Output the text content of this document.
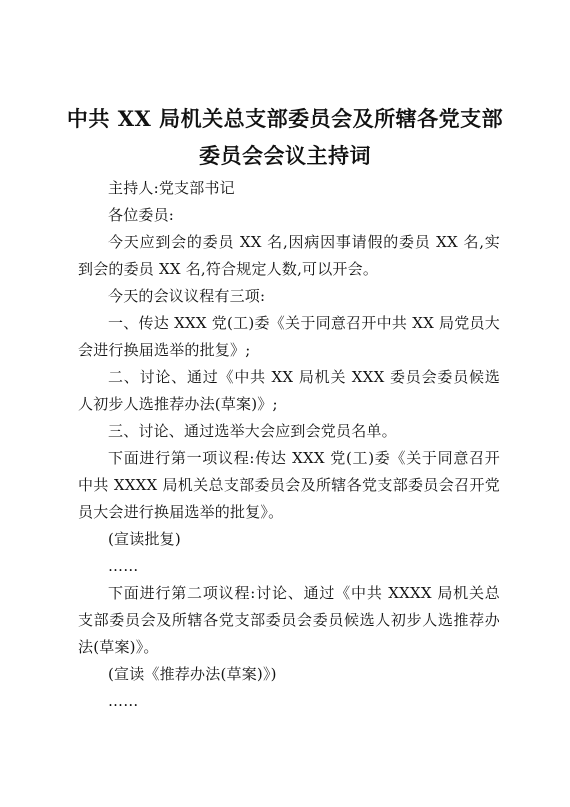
中共 XX 局机关总支部委员会及所辖各党支部
委员会会议主持词

主持人:党支部书记

各位委员:

今天应到会的委员 XX 名,因病因事请假的委员 XX 名,实到会的委员 XX 名,符合规定人数,可以开会。

今天的会议议程有三项:

一、传达 XXX 党(工)委《关于同意召开中共 XX 局党员大会进行换届选举的批复》;

二、讨论、通过《中共 XX 局机关 XXX 委员会委员候选人初步人选推荐办法(草案)》;

三、讨论、通过选举大会应到会党员名单。

下面进行第一项议程:传达 XXX 党(工)委《关于同意召开中共 XXXX 局机关总支部委员会及所辖各党支部委员会召开党员大会进行换届选举的批复》。

(宣读批复)

……

下面进行第二项议程:讨论、通过《中共 XXXX 局机关总支部委员会及所辖各党支部委员会委员候选人初步人选推荐办法(草案)》。

(宣读《推荐办法(草案)》)

……
